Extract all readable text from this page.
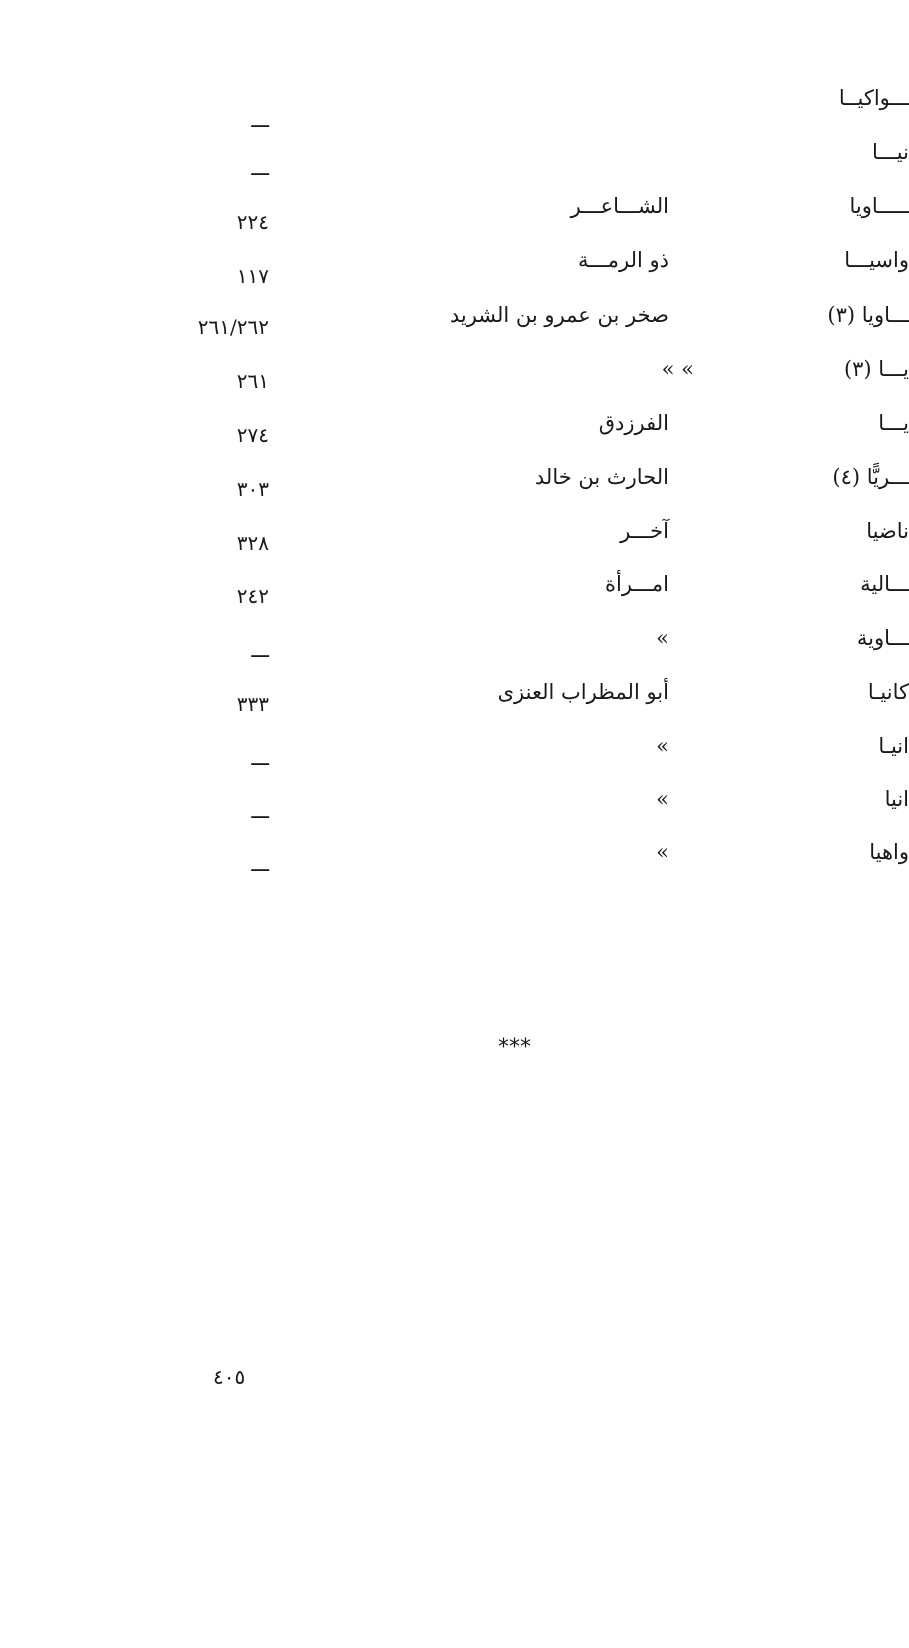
ـــواكيــا
ـــ
نيـــا
ـــ
ـــــاويا
الشـــاعـــر
٢٢٤
واسيـــا
ذو الرمـــة
١١٧
ـــاويا (٣)
صخر بن عمرو بن الشريد
٢٦١/٢٦٢
يـــا (٣)
» »
٢٦١
يـــا
الفرزدق
٢٧٤
ـــريًّا (٤)
الحارث بن خالد
٣٠٣
ناضيا
آخـــر
٣٢٨
ـــالية
امـــرأة
٢٤٢
ـــاوية
»
ـــ
كانيـا
أبو المظراب العنزى
٣٣٣
انيـا
»
ـــ
انيا
»
ـــ
واهيا
»
ـــ
***
٤٠٥
